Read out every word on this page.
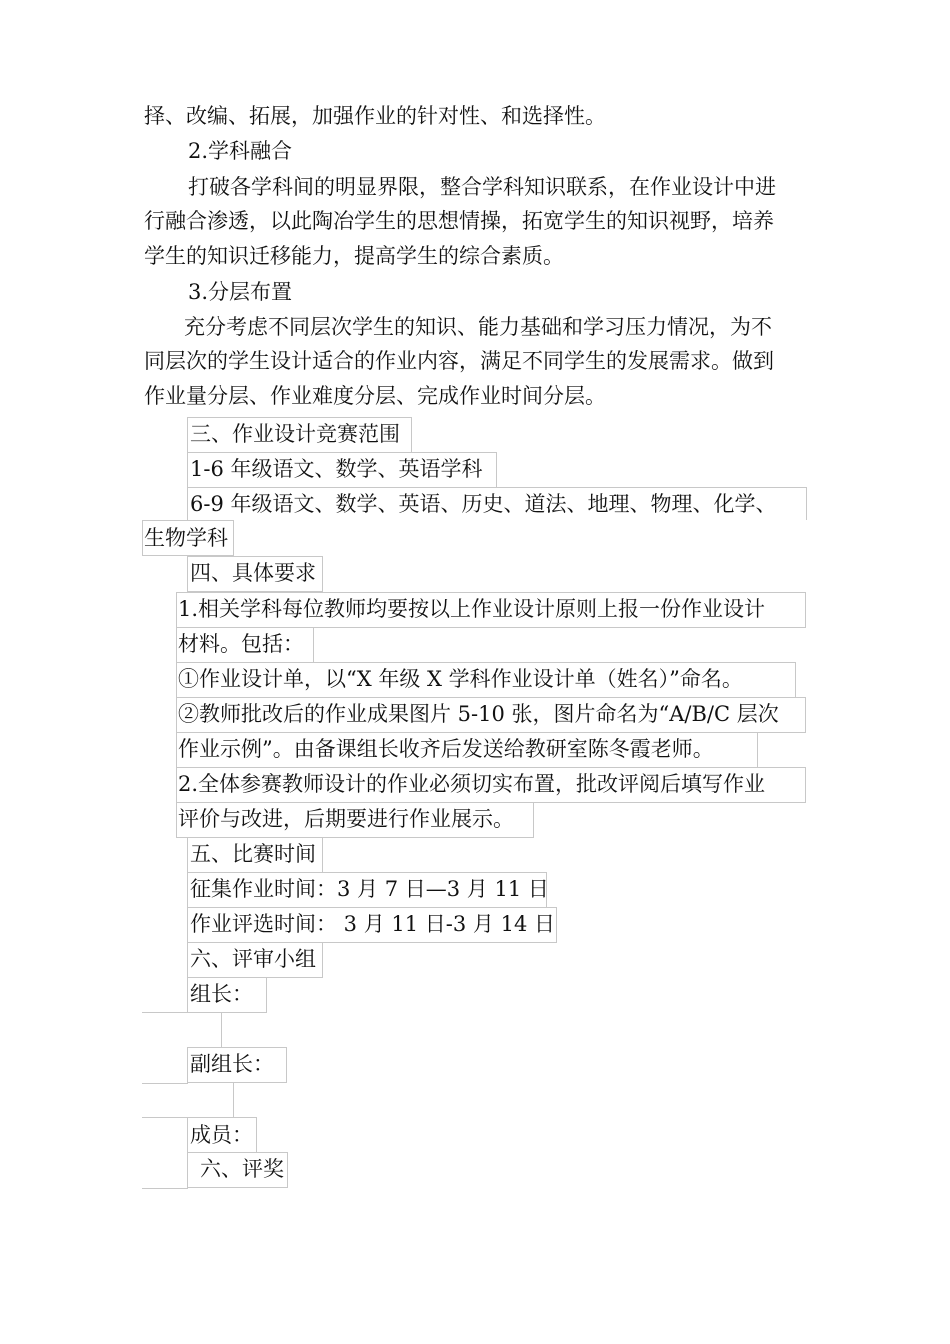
择、改编、拓展，加强作业的针对性、和选择性。
2.学科融合
打破各学科间的明显界限，整合学科知识联系，在作业设计中进
行融合渗透，以此陶冶学生的思想情操，拓宽学生的知识视野，培养
学生的知识迁移能力，提高学生的综合素质。
3.分层布置
充分考虑不同层次学生的知识、能力基础和学习压力情况，为不
同层次的学生设计适合的作业内容，满足不同学生的发展需求。做到
作业量分层、作业难度分层、完成作业时间分层。
三、作业设计竞赛范围
1-6 年级语文、数学、英语学科
6-9 年级语文、数学、英语、历史、道法、地理、物理、化学、
生物学科
四、具体要求
1.相关学科每位教师均要按以上作业设计原则上报一份作业设计
材料。包括：
①作业设计单，以“X 年级 X 学科作业设计单（姓名）”命名。
②教师批改后的作业成果图片 5-10 张，图片命名为“A/B/C 层次
作业示例”。由备课组长收齐后发送给教研室陈冬霞老师。
2.全体参赛教师设计的作业必须切实布置，批改评阅后填写作业
评价与改进，后期要进行作业展示。
五、比赛时间
征集作业时间：3 月 7 日—3 月 11 日
作业评选时间： 3 月 11 日-3 月 14 日
六、评审小组
组长：
副组长：
成员：
六、评奖
